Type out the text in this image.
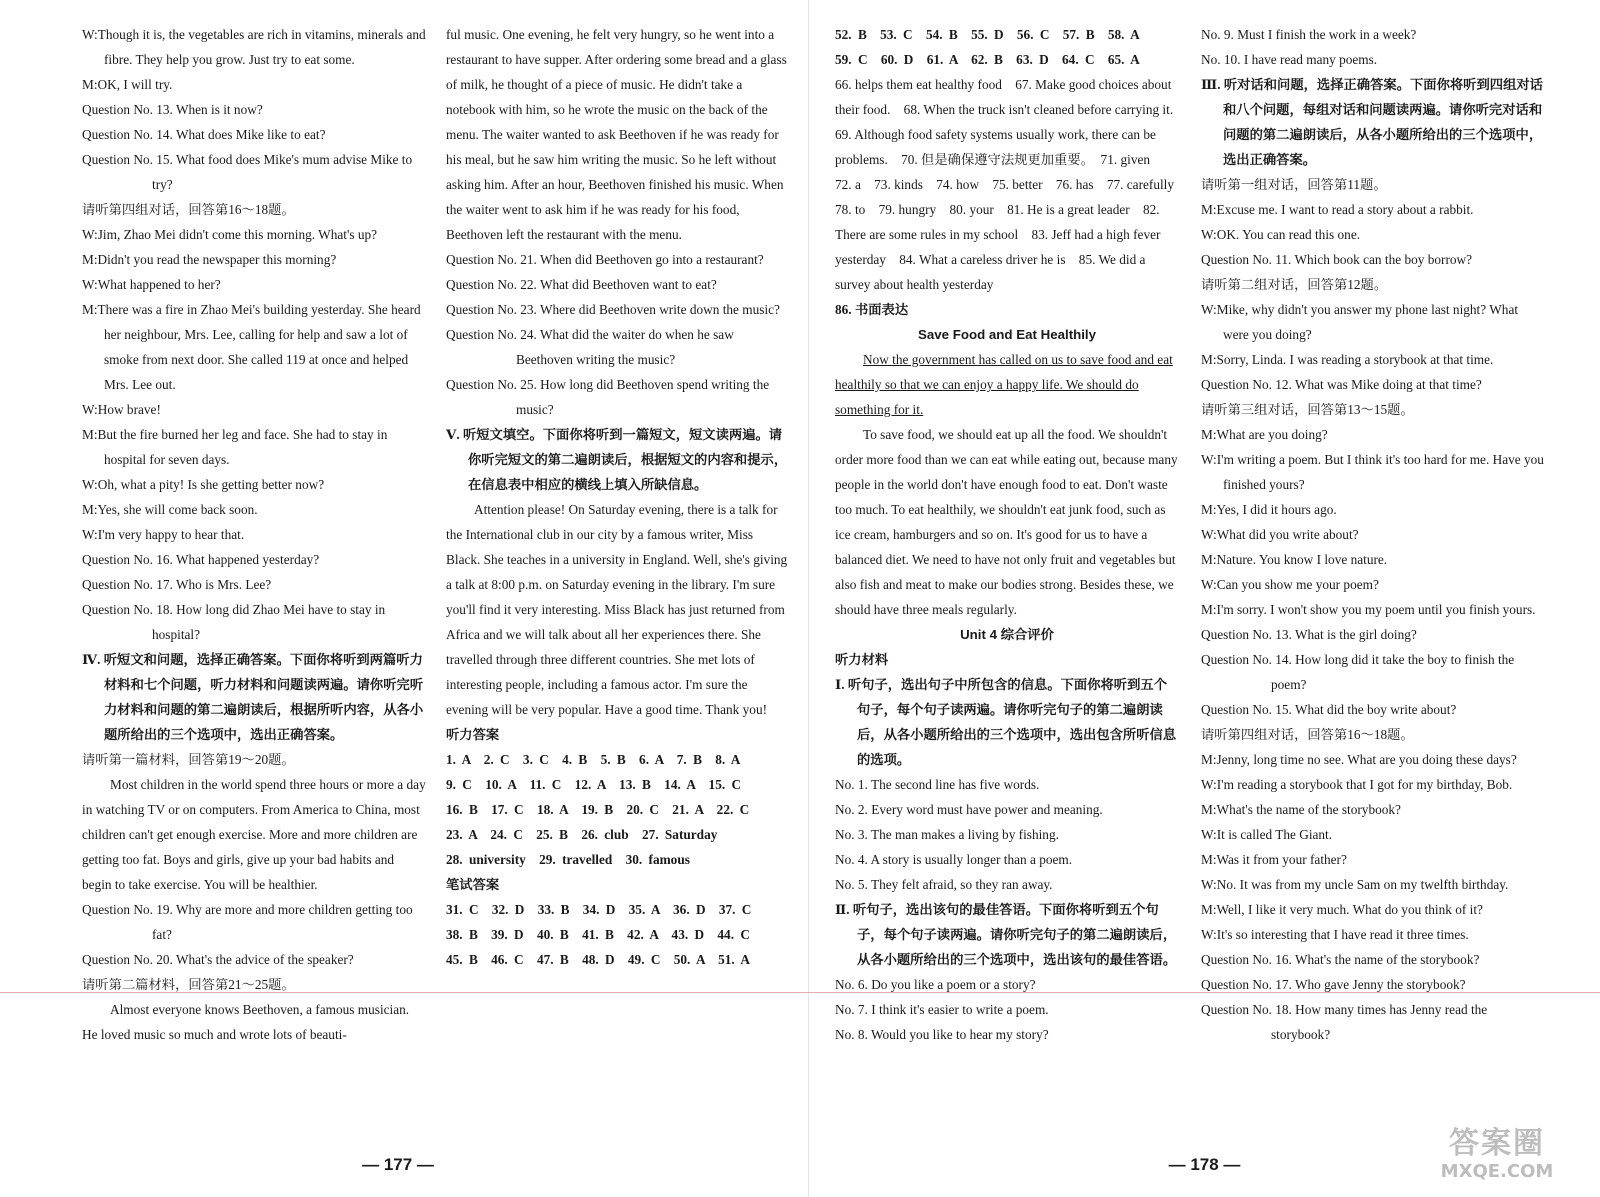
W:Though it is, the vegetables are rich in vitamins, minerals and fibre. They help you grow. Just try to eat some.

M:OK, I will try.

Question No. 13. When is it now?

Question No. 14. What does Mike like to eat?

Question No. 15. What food does Mike's mum advise Mike to try?

请听第四组对话，回答第16～18题。

W:Jim, Zhao Mei didn't come this morning. What's up?

M:Didn't you read the newspaper this morning?

W:What happened to her?

M:There was a fire in Zhao Mei's building yesterday. She heard her neighbour, Mrs. Lee, calling for help and saw a lot of smoke from next door. She called 119 at once and helped Mrs. Lee out.

W:How brave!

M:But the fire burned her leg and face. She had to stay in hospital for seven days.

W:Oh, what a pity! Is she getting better now?

M:Yes, she will come back soon.

W:I'm very happy to hear that.

Question No. 16. What happened yesterday?

Question No. 17. Who is Mrs. Lee?

Question No. 18. How long did Zhao Mei have to stay in hospital?

Ⅳ. 听短文和问题，选择正确答案。下面你将听到两篇听力材料和七个问题，听力材料和问题读两遍。请你听完听力材料和问题的第二遍朗读后，根据所听内容，从各小题所给出的三个选项中，选出正确答案。

请听第一篇材料，回答第19～20题。

Most children in the world spend three hours or more a day in watching TV or on computers. From America to China, most children can't get enough exercise. More and more children are getting too fat. Boys and girls, give up your bad habits and begin to take exercise. You will be healthier.

Question No. 19. Why are more and more children getting too fat?

Question No. 20. What's the advice of the speaker?

请听第二篇材料，回答第21～25题。

Almost everyone knows Beethoven, a famous musician. He loved music so much and wrote lots of beauti-

ful music. One evening, he felt very hungry, so he went into a restaurant to have supper. After ordering some bread and a glass of milk, he thought of a piece of music. He didn't take a notebook with him, so he wrote the music on the back of the menu. The waiter wanted to ask Beethoven if he was ready for his meal, but he saw him writing the music. So he left without asking him. After an hour, Beethoven finished his music. When the waiter went to ask him if he was ready for his food, Beethoven left the restaurant with the menu.

Question No. 21. When did Beethoven go into a restaurant?

Question No. 22. What did Beethoven want to eat?

Question No. 23. Where did Beethoven write down the music?

Question No. 24. What did the waiter do when he saw Beethoven writing the music?

Question No. 25. How long did Beethoven spend writing the music?

Ⅴ. 听短文填空。下面你将听到一篇短文，短文读两遍。请你听完短文的第二遍朗读后，根据短文的内容和提示，在信息表中相应的横线上填入所缺信息。

Attention please! On Saturday evening, there is a talk for the International club in our city by a famous writer, Miss Black. She teaches in a university in England. Well, she's giving a talk at 8:00 p.m. on Saturday evening in the library. I'm sure you'll find it very interesting. Miss Black has just returned from Africa and we will talk about all her experiences there. She travelled through three different countries. She met lots of interesting people, including a famous actor. I'm sure the evening will be very popular. Have a good time. Thank you!

听力答案

1. A　2. C　3. C　4. B　5. B　6. A　7. B　8. A

9. C　10. A　11. C　12. A　13. B　14. A　15. C

16. B　17. C　18. A　19. B　20. C　21. A　22. C

23. A　24. C　25. B　26. club　27. Saturday

28. university　29. travelled　30. famous

笔试答案

31. C　32. D　33. B　34. D　35. A　36. D　37. C

38. B　39. D　40. B　41. B　42. A　43. D　44. C

45. B　46. C　47. B　48. D　49. C　50. A　51. A

— 177 —

52. B　53. C　54. B　55. D　56. C　57. B　58. A

59. C　60. D　61. A　62. B　63. D　64. C　65. A

66. helps them eat healthy food　67. Make good choices about their food.　68. When the truck isn't cleaned before carrying it.　69. Although food safety systems usually work, there can be problems.　70. 但是确保遵守法规更加重要。　71. given　72. a　73. kinds　74. how　75. better　76. has　77. carefully　78. to　79. hungry　80. your　81. He is a great leader　82. There are some rules in my school　83. Jeff had a high fever yesterday　84. What a careless driver he is　85. We did a survey about health yesterday

86. 书面表达

Save Food and Eat Healthily

Now the government has called on us to save food and eat healthily so that we can enjoy a happy life. We should do something for it.

To save food, we should eat up all the food. We shouldn't order more food than we can eat while eating out, because many people in the world don't have enough food to eat. Don't waste too much. To eat healthily, we shouldn't eat junk food, such as ice cream, hamburgers and so on. It's good for us to have a balanced diet. We need to have not only fruit and vegetables but also fish and meat to make our bodies strong. Besides these, we should have three meals regularly.

Unit 4 综合评价

听力材料

Ⅰ. 听句子，选出句子中所包含的信息。下面你将听到五个句子，每个句子读两遍。请你听完句子的第二遍朗读后，从各小题所给出的三个选项中，选出包含所听信息的选项。

No. 1. The second line has five words.

No. 2. Every word must have power and meaning.

No. 3. The man makes a living by fishing.

No. 4. A story is usually longer than a poem.

No. 5. They felt afraid, so they ran away.

Ⅱ. 听句子，选出该句的最佳答语。下面你将听到五个句子，每个句子读两遍。请你听完句子的第二遍朗读后，从各小题所给出的三个选项中，选出该句的最佳答语。

No. 6. Do you like a poem or a story?

No. 7. I think it's easier to write a poem.

No. 8. Would you like to hear my story?

No. 9. Must I finish the work in a week?

No. 10. I have read many poems.

Ⅲ. 听对话和问题，选择正确答案。下面你将听到四组对话和八个问题，每组对话和问题读两遍。请你听完对话和问题的第二遍朗读后，从各小题所给出的三个选项中，选出正确答案。

请听第一组对话，回答第11题。

M:Excuse me. I want to read a story about a rabbit.

W:OK. You can read this one.

Question No. 11. Which book can the boy borrow?

请听第二组对话，回答第12题。

W:Mike, why didn't you answer my phone last night? What were you doing?

M:Sorry, Linda. I was reading a storybook at that time.

Question No. 12. What was Mike doing at that time?

请听第三组对话，回答第13～15题。

M:What are you doing?

W:I'm writing a poem. But I think it's too hard for me. Have you finished yours?

M:Yes, I did it hours ago.

W:What did you write about?

M:Nature. You know I love nature.

W:Can you show me your poem?

M:I'm sorry. I won't show you my poem until you finish yours.

Question No. 13. What is the girl doing?

Question No. 14. How long did it take the boy to finish the poem?

Question No. 15. What did the boy write about?

请听第四组对话，回答第16～18题。

M:Jenny, long time no see. What are you doing these days?

W:I'm reading a storybook that I got for my birthday, Bob.

M:What's the name of the storybook?

W:It is called The Giant.

M:Was it from your father?

W:No. It was from my uncle Sam on my twelfth birthday.

M:Well, I like it very much. What do you think of it?

W:It's so interesting that I have read it three times.

Question No. 16. What's the name of the storybook?

Question No. 17. Who gave Jenny the storybook?

Question No. 18. How many times has Jenny read the storybook?

— 178 —
答案圈
MXQE.COM
